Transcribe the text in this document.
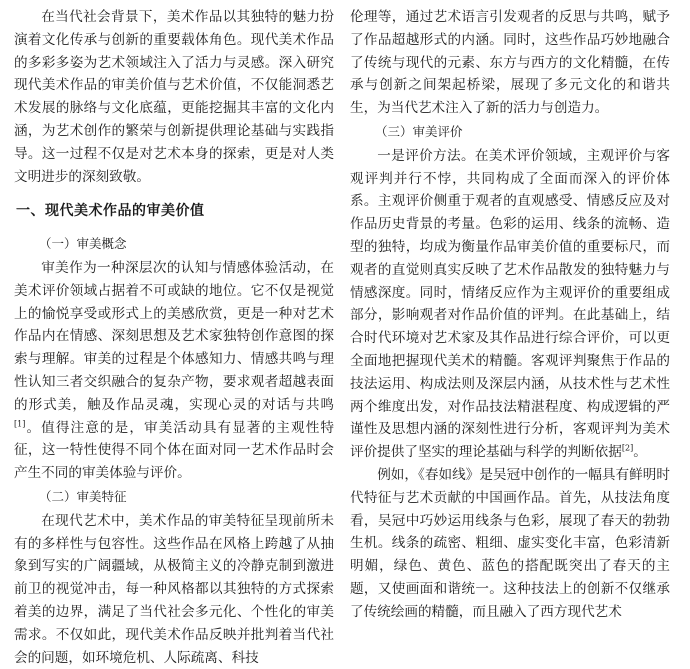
在当代社会背景下，美术作品以其独特的魅力扮演着文化传承与创新的重要载体角色。现代美术作品的多彩多姿为艺术领域注入了活力与灵感。深入研究现代美术作品的审美价值与艺术价值，不仅能洞悉艺术发展的脉络与文化底蕴，更能挖掘其丰富的文化内涵，为艺术创作的繁荣与创新提供理论基础与实践指导。这一过程不仅是对艺术本身的探索，更是对人类文明进步的深刻致敬。

一、现代美术作品的审美价值
（一）审美概念

审美作为一种深层次的认知与情感体验活动，在美术评价领域占据着不可或缺的地位。它不仅是视觉上的愉悦享受或形式上的美感欣赏，更是一种对艺术作品内在情感、深刻思想及艺术家独特创作意图的探索与理解。审美的过程是个体感知力、情感共鸣与理性认知三者交织融合的复杂产物，要求观者超越表面的形式美，触及作品灵魂，实现心灵的对话与共鸣[1]。值得注意的是，审美活动具有显著的主观性特征，这一特性使得不同个体在面对同一艺术作品时会产生不同的审美体验与评价。

（二）审美特征

在现代艺术中，美术作品的审美特征呈现前所未有的多样性与包容性。这些作品在风格上跨越了从抽象到写实的广阔疆域，从极简主义的冷静克制到激进前卫的视觉冲击，每一种风格都以其独特的方式探索着美的边界，满足了当代社会多元化、个性化的审美需求。不仅如此，现代美术作品反映并批判着当代社会的问题，如环境危机、人际疏离、科技

伦理等，通过艺术语言引发观者的反思与共鸣，赋予了作品超越形式的内涵。同时，这些作品巧妙地融合了传统与现代的元素、东方与西方的文化精髓，在传承与创新之间架起桥梁，展现了多元文化的和谐共生，为当代艺术注入了新的活力与创造力。

（三）审美评价

一是评价方法。在美术评价领域，主观评价与客观评判并行不悖，共同构成了全面而深入的评价体系。主观评价侧重于观者的直观感受、情感反应及对作品历史背景的考量。色彩的运用、线条的流畅、造型的独特，均成为衡量作品审美价值的重要标尺，而观者的直觉则真实反映了艺术作品散发的独特魅力与情感深度。同时，情绪反应作为主观评价的重要组成部分，影响观者对作品价值的评判。在此基础上，结合时代环境对艺术家及其作品进行综合评价，可以更全面地把握现代美术的精髓。客观评判聚焦于作品的技法运用、构成法则及深层内涵，从技术性与艺术性两个维度出发，对作品技法精湛程度、构成逻辑的严谨性及思想内涵的深刻性进行分析，客观评判为美术评价提供了坚实的理论基础与科学的判断依据[2]。

例如，《春如线》是吴冠中创作的一幅具有鲜明时代特征与艺术贡献的中国画作品。首先，从技法角度看，吴冠中巧妙运用线条与色彩，展现了春天的勃勃生机。线条的疏密、粗细、虚实变化丰富，色彩清新明媚，绿色、黄色、蓝色的搭配既突出了春天的主题，又使画面和谐统一。这种技法上的创新不仅继承了传统绘画的精髓，而且融入了西方现代艺术
